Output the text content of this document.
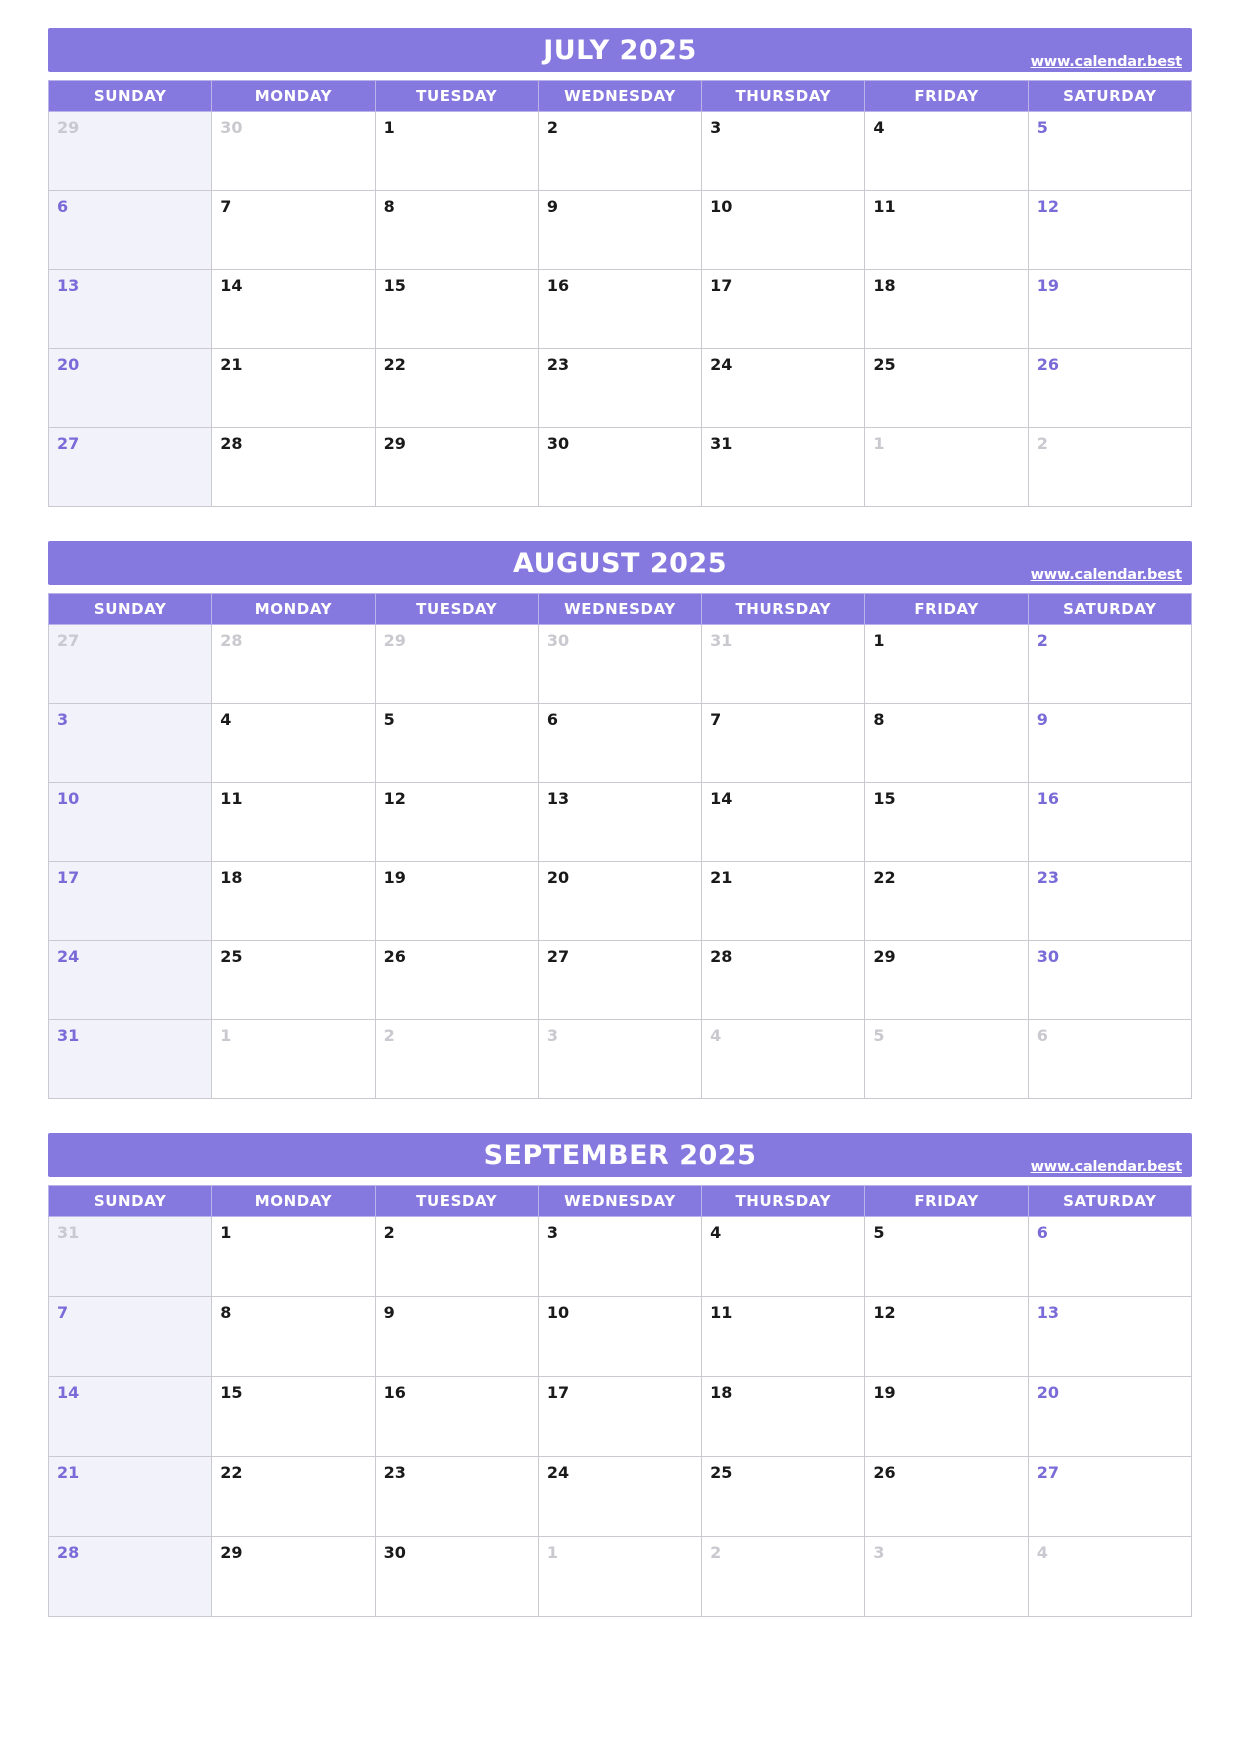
JULY 2025	www.calendar.best
SUNDAY	MONDAY	TUESDAY	WEDNESDAY	THURSDAY	FRIDAY	SATURDAY
29	30	1	2	3	4	5
6	7	8	9	10	11	12
13	14	15	16	17	18	19
20	21	22	23	24	25	26
27	28	29	30	31	1	2
AUGUST 2025	www.calendar.best
SUNDAY	MONDAY	TUESDAY	WEDNESDAY	THURSDAY	FRIDAY	SATURDAY
27	28	29	30	31	1	2
3	4	5	6	7	8	9
10	11	12	13	14	15	16
17	18	19	20	21	22	23
24	25	26	27	28	29	30
31	1	2	3	4	5	6
SEPTEMBER 2025	www.calendar.best
SUNDAY	MONDAY	TUESDAY	WEDNESDAY	THURSDAY	FRIDAY	SATURDAY
31	1	2	3	4	5	6
7	8	9	10	11	12	13
14	15	16	17	18	19	20
21	22	23	24	25	26	27
28	29	30	1	2	3	4
